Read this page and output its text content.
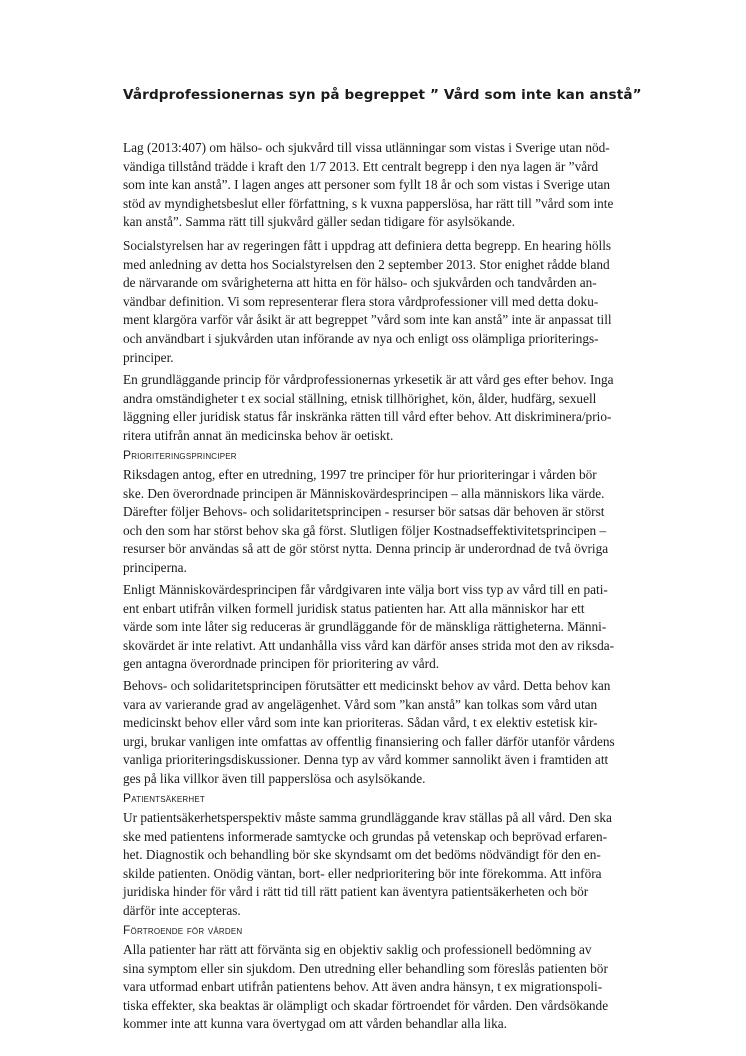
Vårdprofessionernas syn på begreppet ” Vård som inte kan anstå”
Lag (2013:407) om hälso- och sjukvård till vissa utlänningar som vistas i Sverige utan nöd-
vändiga tillstånd trädde i kraft den 1/7 2013. Ett centralt begrepp i den nya lagen är ”vård
som inte kan anstå”. I lagen anges att personer som fyllt 18 år och som vistas i Sverige utan
stöd av myndighetsbeslut eller författning, s k vuxna papperslösa, har rätt till ”vård som inte
kan anstå”. Samma rätt till sjukvård gäller sedan tidigare för asylsökande.
Socialstyrelsen har av regeringen fått i uppdrag att definiera detta begrepp. En hearing hölls
med anledning av detta hos Socialstyrelsen den 2 september 2013. Stor enighet rådde bland
de närvarande om svårigheterna att hitta en för hälso- och sjukvården och tandvården an-
vändbar definition. Vi som representerar flera stora vårdprofessioner vill med detta doku-
ment klargöra varför vår åsikt är att begreppet ”vård som inte kan anstå” inte är anpassat till
och användbart i sjukvården utan införande av nya och enligt oss olämpliga prioriterings-
principer.
En grundläggande princip för vårdprofessionernas yrkesetik är att vård ges efter behov. Inga
andra omständigheter t ex social ställning, etnisk tillhörighet, kön, ålder, hudfärg, sexuell
läggning eller juridisk status får inskränka rätten till vård efter behov. Att diskriminera/prio-
ritera utifrån annat än medicinska behov är oetiskt.
Prioriteringsprinciper
Riksdagen antog, efter en utredning, 1997 tre principer för hur prioriteringar i vården bör
ske. Den överordnade principen är Människovärdesprincipen – alla människors lika värde.
Därefter följer Behovs- och solidaritetsprincipen - resurser bör satsas där behoven är störst
och den som har störst behov ska gå först. Slutligen följer Kostnadseffektivitetsprincipen –
resurser bör användas så att de gör störst nytta. Denna princip är underordnad de två övriga
principerna.
Enligt Människovärdesprincipen får vårdgivaren inte välja bort viss typ av vård till en pati-
ent enbart utifrån vilken formell juridisk status patienten har. Att alla människor har ett
värde som inte låter sig reduceras är grundläggande för de mänskliga rättigheterna. Männi-
skovärdet är inte relativt. Att undanhålla viss vård kan därför anses strida mot den av riksda-
gen antagna överordnade principen för prioritering av vård.
Behovs- och solidaritetsprincipen förutsätter ett medicinskt behov av vård. Detta behov kan
vara av varierande grad av angelägenhet. Vård som ”kan anstå” kan tolkas som vård utan
medicinskt behov eller vård som inte kan prioriteras. Sådan vård, t ex elektiv estetisk kir-
urgi, brukar vanligen inte omfattas av offentlig finansiering och faller därför utanför vårdens
vanliga prioriteringsdiskussioner. Denna typ av vård kommer sannolikt även i framtiden att
ges på lika villkor även till papperslösa och asylsökande.
Patientsäkerhet
Ur patientsäkerhetsperspektiv måste samma grundläggande krav ställas på all vård. Den ska
ske med patientens informerade samtycke och grundas på vetenskap och beprövad erfaren-
het. Diagnostik och behandling bör ske skyndsamt om det bedöms nödvändigt för den en-
skilde patienten. Onödig väntan, bort- eller nedprioritering bör inte förekomma. Att införa
juridiska hinder för vård i rätt tid till rätt patient kan äventyra patientsäkerheten och bör
därför inte accepteras.
Förtroende för vården
Alla patienter har rätt att förvänta sig en objektiv saklig och professionell bedömning av
sina symptom eller sin sjukdom. Den utredning eller behandling som föreslås patienten bör
vara utformad enbart utifrån patientens behov. Att även andra hänsyn, t ex migrationspoli-
tiska effekter, ska beaktas är olämpligt och skadar förtroendet för vården. Den vårdsökande
kommer inte att kunna vara övertygad om att vården behandlar alla lika.
